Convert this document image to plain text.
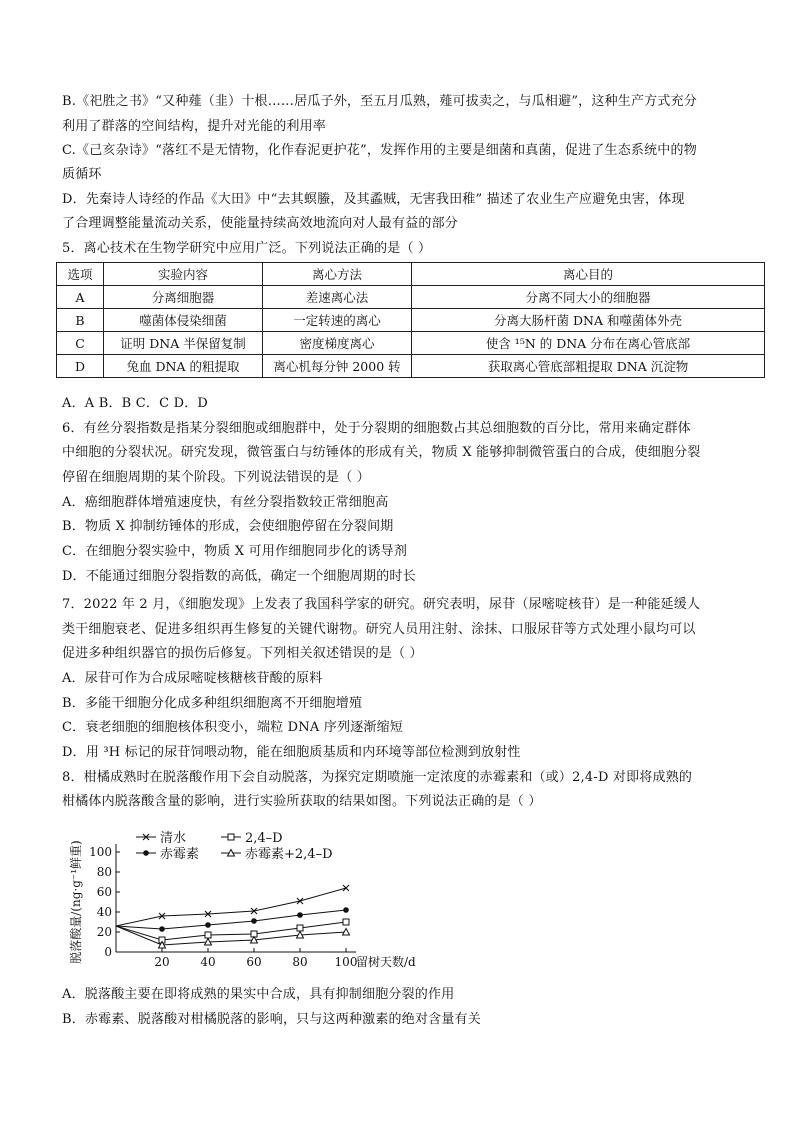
B.《祀胜之书》“又种薤（韭）十根……居瓜子外，至五月瓜熟，薤可拔卖之，与瓜相避”，这种生产方式充分
利用了群落的空间结构，提升对光能的利用率
C.《己亥杂诗》“落红不是无情物，化作春泥更护花”，发挥作用的主要是细菌和真菌，促进了生态系统中的物
质循环
D．先秦诗人诗经的作品《大田》中“去其螟螣，及其蟊贼，无害我田稚” 描述了农业生产应避免虫害，体现
了合理调整能量流动关系，使能量持续高效地流向对人最有益的部分
5．离心技术在生物学研究中应用广泛。下列说法正确的是（ ）
选项	实验内容	离心方法	离心目的
A	分离细胞器	差速离心法	分离不同大小的细胞器
B	噬菌体侵染细菌	一定转速的离心	分离大肠杆菌 DNA 和噬菌体外壳
C	证明 DNA 半保留复制	密度梯度离心	使含 ¹⁵N 的 DNA 分布在离心管底部
D	兔血 DNA 的粗提取	离心机每分钟 2000 转	获取离心管底部粗提取 DNA 沉淀物
A．A B．B C．C D．D
6．有丝分裂指数是指某分裂细胞或细胞群中，处于分裂期的细胞数占其总细胞数的百分比，常用来确定群体
中细胞的分裂状况。研究发现，微管蛋白与纺锤体的形成有关，物质 X 能够抑制微管蛋白的合成，使细胞分裂
停留在细胞周期的某个阶段。下列说法错误的是（ ）
A．癌细胞群体增殖速度快，有丝分裂指数较正常细胞高
B．物质 X 抑制纺锤体的形成，会使细胞停留在分裂间期
C．在细胞分裂实验中，物质 X 可用作细胞同步化的诱导剂
D．不能通过细胞分裂指数的高低，确定一个细胞周期的时长
7．2022 年 2 月，《细胞发现》上发表了我国科学家的研究。研究表明，尿苷（尿嘧啶核苷）是一种能延缓人
类干细胞衰老、促进多组织再生修复的关键代谢物。研究人员用注射、涂抹、口服尿苷等方式处理小鼠均可以
促进多种组织器官的损伤后修复。下列相关叙述错误的是（ ）
A．尿苷可作为合成尿嘧啶核糖核苷酸的原料
B．多能干细胞分化成多种组织细胞离不开细胞增殖
C．衰老细胞的细胞核体积变小，端粒 DNA 序列逐渐缩短
D．用 ³H 标记的尿苷饲喂动物，能在细胞质基质和内环境等部位检测到放射性
8．柑橘成熟时在脱落酸作用下会自动脱落，为探究定期喷施一定浓度的赤霉素和（或）2,4-D 对即将成熟的
柑橘体内脱落酸含量的影响，进行实验所获取的结果如图。下列说法正确的是（ ）
0
20
40
60
80
100
20	40	60	80 100
留树天数/d
脱落酸量/(ng·g⁻¹鲜重)
清水	2,4–D
赤霉素	赤霉素+2,4–D
A．脱落酸主要在即将成熟的果实中合成，具有抑制细胞分裂的作用
B．赤霉素、脱落酸对柑橘脱落的影响，只与这两种激素的绝对含量有关
